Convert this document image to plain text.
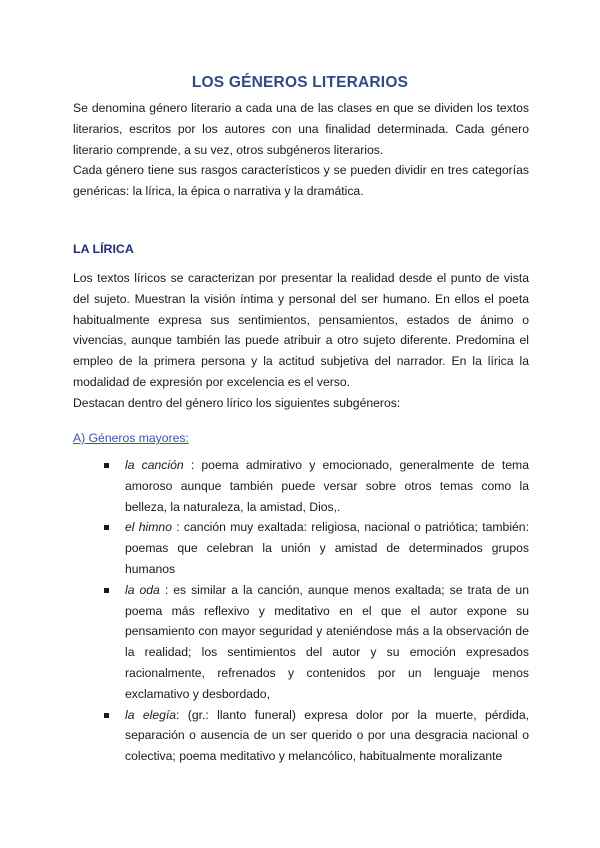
LOS GÉNEROS LITERARIOS

Se denomina género literario a cada una de las clases en que se dividen los textos literarios, escritos por los autores con una finalidad determinada. Cada género literario comprende, a su vez, otros subgéneros literarios.

Cada género tiene sus rasgos característicos y se pueden dividir en tres categorías genéricas: la lírica, la épica o narrativa y la dramática.

LA LÍRICA

Los textos líricos se caracterizan por presentar la realidad desde el punto de vista del sujeto. Muestran la visión íntima y personal del ser humano. En ellos el poeta habitualmente expresa sus sentimientos, pensamientos, estados de ánimo o vivencias, aunque también las puede atribuir a otro sujeto diferente. Predomina el empleo de la primera persona y la actitud subjetiva del narrador. En la lírica la modalidad de expresión por excelencia es el verso.

Destacan dentro del género lírico los siguientes subgéneros:

A) Géneros mayores:
la canción : poema admirativo y emocionado, generalmente de tema amoroso aunque también puede versar sobre otros temas como la belleza, la naturaleza, la amistad, Dios,.
el himno : canción muy exaltada: religiosa, nacional o patriótica; también: poemas que celebran la unión y amistad de determinados grupos humanos
la oda : es similar a la canción, aunque menos exaltada; se trata de un poema más reflexivo y meditativo en el que el autor expone su pensamiento con mayor seguridad y ateniéndose más a la observación de la realidad; los sentimientos del autor y su emoción expresados racionalmente, refrenados y contenidos por un lenguaje menos exclamativo y desbordado,
la elegía: (gr.: llanto funeral) expresa dolor por la muerte, pérdida, separación o ausencia de un ser querido o por una desgracia nacional o colectiva; poema meditativo y melancólico, habitualmente moralizante
